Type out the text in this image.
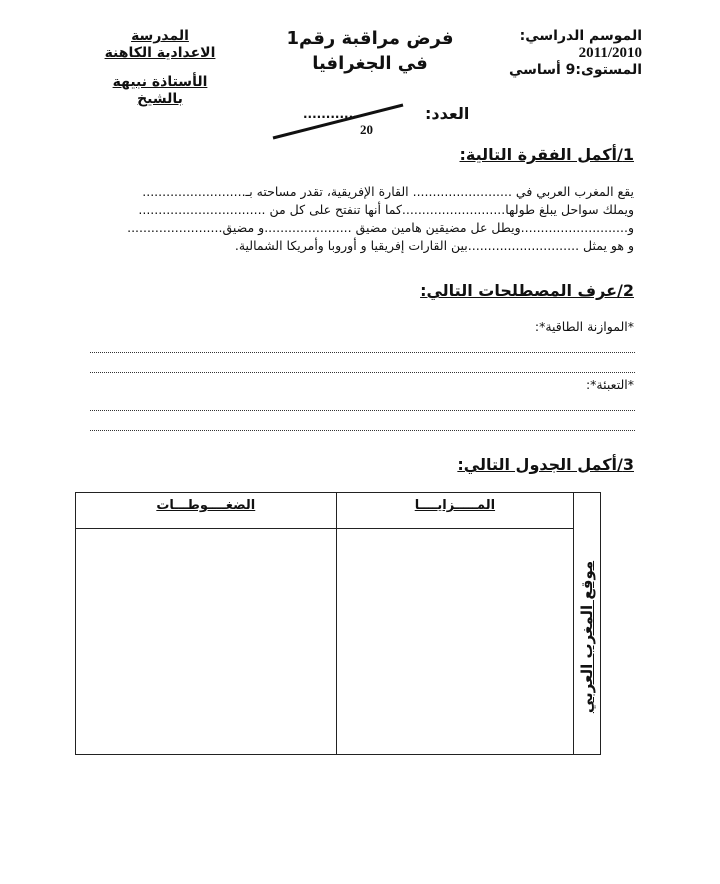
الموسم الدراسي:
2011/2010
المستوى:9 أساسي
فرض مراقبة رقم1
في الجغرافيا
المدرسة
الاعدادية الكاهنة
الأستاذة نبيهة
بالشيخ
العدد:
............
20
1/أكمل الفقرة التالية:
يقع المغرب العربي في ......................... القارة الإفريقية، تقدر مساحته بـ..........................
ويملك سواحل يبلغ طولها..........................كما أنها تنفتح على كل من ................................
و...........................ويطل عل مضيقين هامين مضيق ......................و مضيق........................
و هو يمثل ............................بين القارات إفريقيا و أوروبا وأمريكا الشمالية.
2/عرف المصطلحات التالي:
*الموازنة الطاقية*:
*التعبئة*:
3/أكمل الجدول التالي:
الضغــــوطـــات	المـــــزايــــا	موقع المغرب العربي
